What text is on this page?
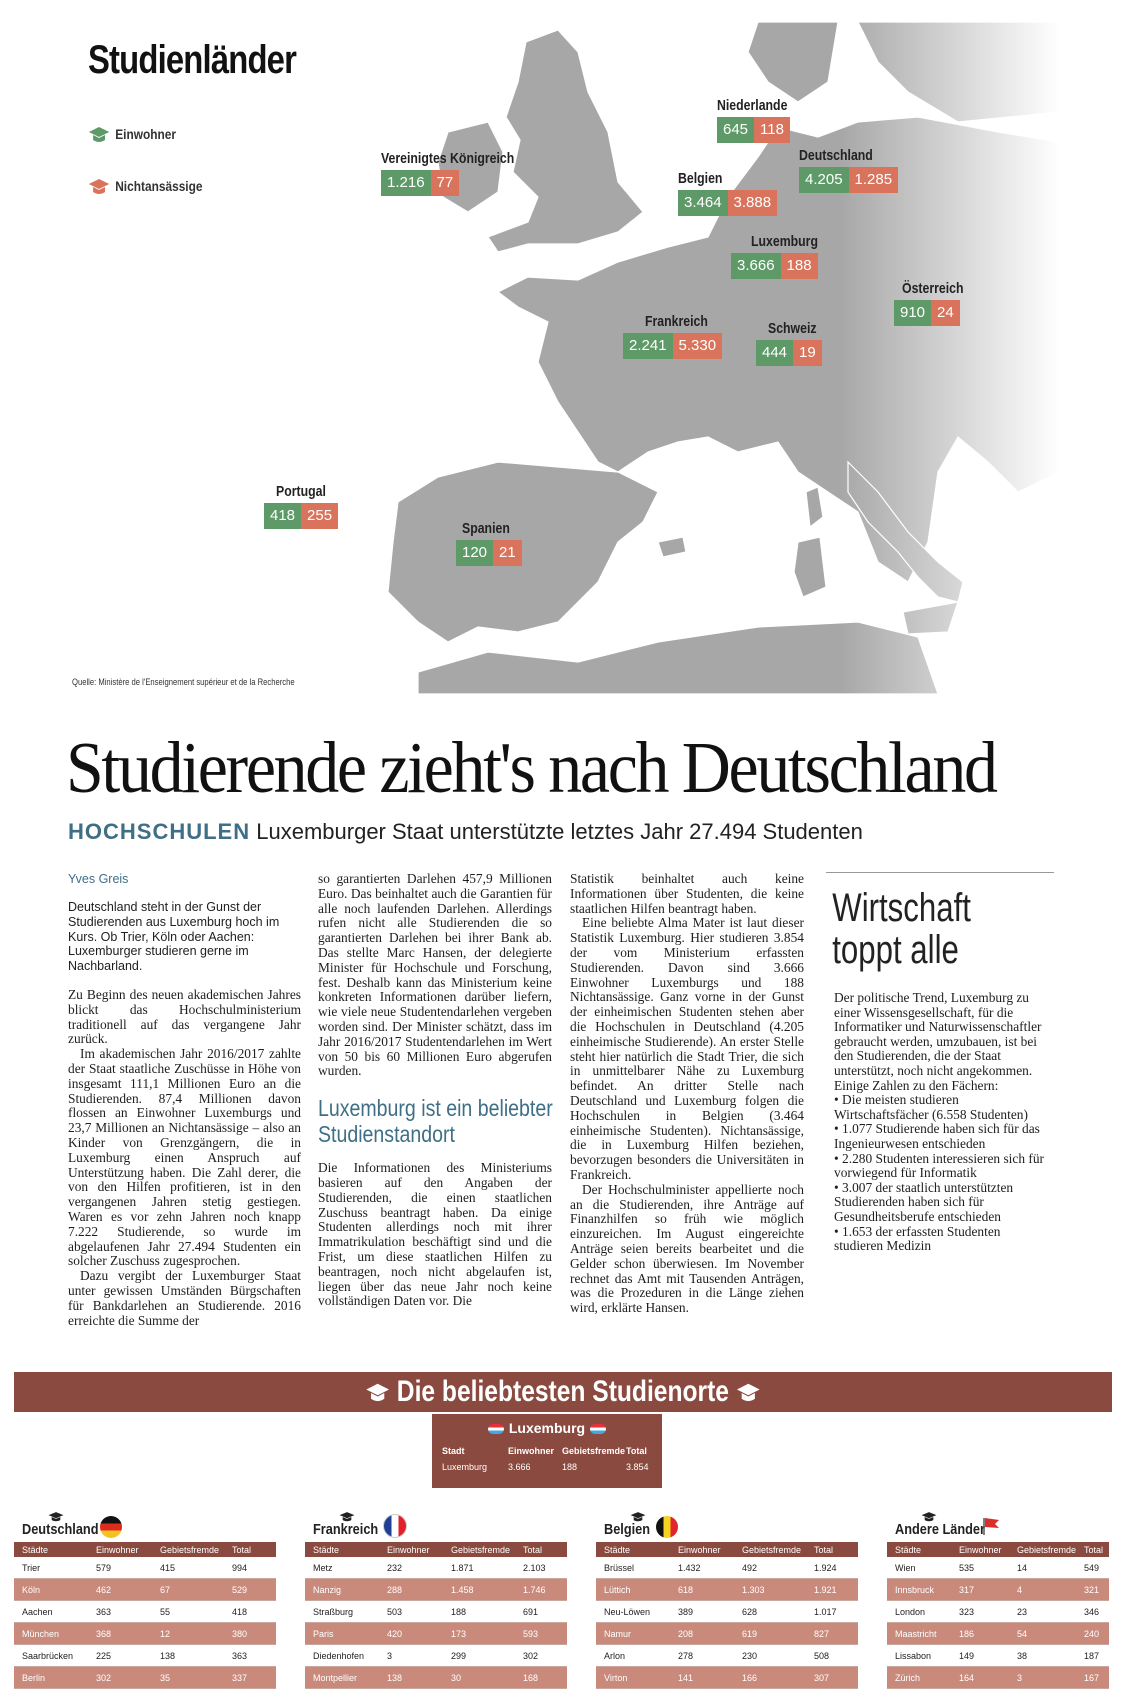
Studienländer
Einwohner
Nichtansässige
Vereinigtes Königreich
1.216 77
Niederlande
645 118
Deutschland
4.205 1.285
Belgien
3.464 3.888
Luxemburg
3.666 188
Österreich
910 24
Frankreich
2.241 5.330
Schweiz
444 19
Portugal
418 255
Spanien
120 21
Quelle: Ministère de l'Enseignement supérieur et de la Recherche
Studierende zieht's nach Deutschland
HOCHSCHULEN Luxemburger Staat unterstützte letztes Jahr 27.494 Studenten
Yves Greis

Deutschland steht in der Gunst der Studierenden aus Luxemburg hoch im Kurs. Ob Trier, Köln oder Aachen: Luxemburger studieren gerne im Nachbarland.

Zu Beginn des neuen akademischen Jahres blickt das Hochschulministerium traditionell auf das vergangene Jahr zurück.

Im akademischen Jahr 2016/2017 zahlte der Staat staatliche Zuschüsse in Höhe von insgesamt 111,1 Millionen Euro an die Studierenden. 87,4 Millionen davon flossen an Einwohner Luxemburgs und 23,7 Millionen an Nichtansässige – also an Kinder von Grenzgängern, die in Luxemburg einen Anspruch auf Unterstützung haben. Die Zahl derer, die von den Hilfen profitieren, ist in den vergangenen Jahren stetig gestiegen. Waren es vor zehn Jahren noch knapp 7.222 Studierende, so wurde im abgelaufenen Jahr 27.494 Studenten ein solcher Zuschuss zugesprochen.

Dazu vergibt der Luxemburger Staat unter gewissen Umständen Bürgschaften für Bankdarlehen an Studierende. 2016 erreichte die Summe der

so garantierten Darlehen 457,9 Millionen Euro. Das beinhaltet auch die Garantien für alle noch laufenden Darlehen. Allerdings rufen nicht alle Studierenden die so garantierten Darlehen bei ihrer Bank ab. Das stellte Marc Hansen, der delegierte Minister für Hochschule und Forschung, fest. Deshalb kann das Ministerium keine konkreten Informationen darüber liefern, wie viele neue Studentendarlehen vergeben worden sind. Der Minister schätzt, dass im Jahr 2016/2017 Studentendarlehen im Wert von 50 bis 60 Millionen Euro abgerufen wurden.

Luxemburg ist ein beliebter Studienstandort

Die Informationen des Ministeriums basieren auf den Angaben der Studierenden, die einen staatlichen Zuschuss beantragt haben. Da einige Studenten allerdings noch mit ihrer Immatrikulation beschäftigt sind und die Frist, um diese staatlichen Hilfen zu beantragen, noch nicht abgelaufen ist, liegen über das neue Jahr noch keine vollständigen Daten vor. Die

Statistik beinhaltet auch keine Informationen über Studenten, die keine staatlichen Hilfen beantragt haben.

Eine beliebte Alma Mater ist laut dieser Statistik Luxemburg. Hier studieren 3.854 der vom Ministerium erfassten Studierenden. Davon sind 3.666 Einwohner Luxemburgs und 188 Nichtansässige. Ganz vorne in der Gunst der einheimischen Studenten stehen aber die Hochschulen in Deutschland (4.205 einheimische Studierende). An erster Stelle steht hier natürlich die Stadt Trier, die sich in unmittelbarer Nähe zu Luxemburg befindet. An dritter Stelle nach Deutschland und Luxemburg folgen die Hochschulen in Belgien (3.464 einheimische Studenten). Nichtansässige, die in Luxemburg Hilfen beziehen, bevorzugen besonders die Universitäten in Frankreich.

Der Hochschulminister appellierte noch an die Studierenden, ihre Anträge auf Finanzhilfen so früh wie möglich einzureichen. Im August eingereichte Anträge seien bereits bearbeitet und die Gelder schon überwiesen. Im November rechnet das Amt mit Tausenden Anträgen, was die Prozeduren in die Länge ziehen wird, erklärte Hansen.

Wirtschaft
toppt alle
Der politische Trend, Luxemburg zu einer Wissensgesellschaft, für die Informatiker und Naturwissenschaftler gebraucht werden, umzubauen, ist bei den Studierenden, die der Staat unterstützt, noch nicht angekommen. Einige Zahlen zu den Fächern:
• Die meisten studieren Wirtschaftsfächer (6.558 Studenten)
• 1.077 Studierende haben sich für das Ingenieurwesen entschieden
• 2.280 Studenten interessieren sich für vorwiegend für Informatik
• 3.007 der staatlich unterstützten Studierenden haben sich für Gesundheitsberufe entschieden
• 1.653 der erfassten Studenten studieren Medizin
Die beliebtesten Studienorte
Luxemburg
Stadt	Einwohner	Gebietsfremde	Total
Luxemburg	3.666	188	3.854
Deutschland
Städte	Einwohner	Gebietsfremde	Total
Trier	579	415	994
Köln	462	67	529
Aachen	363	55	418
München	368	12	380
Saarbrücken	225	138	363
Berlin	302	35	337
Frankreich
Städte	Einwohner	Gebietsfremde	Total
Metz	232	1.871	2.103
Nanzig	288	1.458	1.746
Straßburg	503	188	691
Paris	420	173	593
Diedenhofen	3	299	302
Montpellier	138	30	168
Belgien
Städte	Einwohner	Gebietsfremde	Total
Brüssel	1.432	492	1.924
Lüttich	618	1.303	1.921
Neu-Löwen	389	628	1.017
Namur	208	619	827
Arlon	278	230	508
Virton	141	166	307
Andere Länder
Städte	Einwohner	Gebietsfremde	Total
Wien	535	14	549
Innsbruck	317	4	321
London	323	23	346
Maastricht	186	54	240
Lissabon	149	38	187
Zürich	164	3	167
